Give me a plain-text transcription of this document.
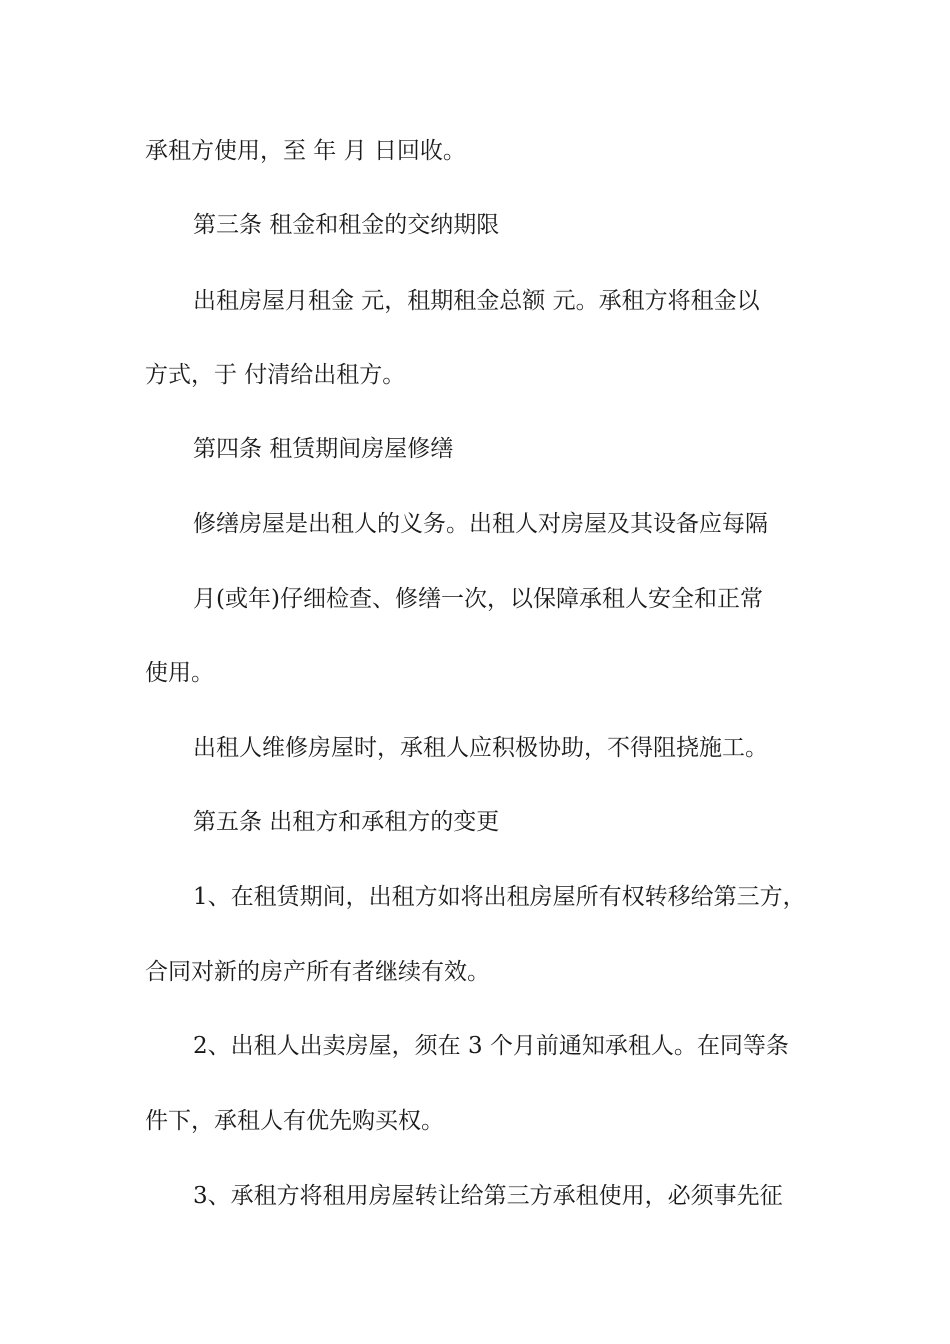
承租方使用，至 年 月 日回收。
第三条 租金和租金的交纳期限
出租房屋月租金 元，租期租金总额 元。承租方将租金以
方式，于 付清给出租方。
第四条 租赁期间房屋修缮
修缮房屋是出租人的义务。出租人对房屋及其设备应每隔
月(或年)仔细检查、修缮一次，以保障承租人安全和正常
使用。
出租人维修房屋时，承租人应积极协助，不得阻挠施工。
第五条 出租方和承租方的变更
1、在租赁期间，出租方如将出租房屋所有权转移给第三方，
合同对新的房产所有者继续有效。
2、出租人出卖房屋，须在 3 个月前通知承租人。在同等条
件下，承租人有优先购买权。
3、承租方将租用房屋转让给第三方承租使用，必须事先征
